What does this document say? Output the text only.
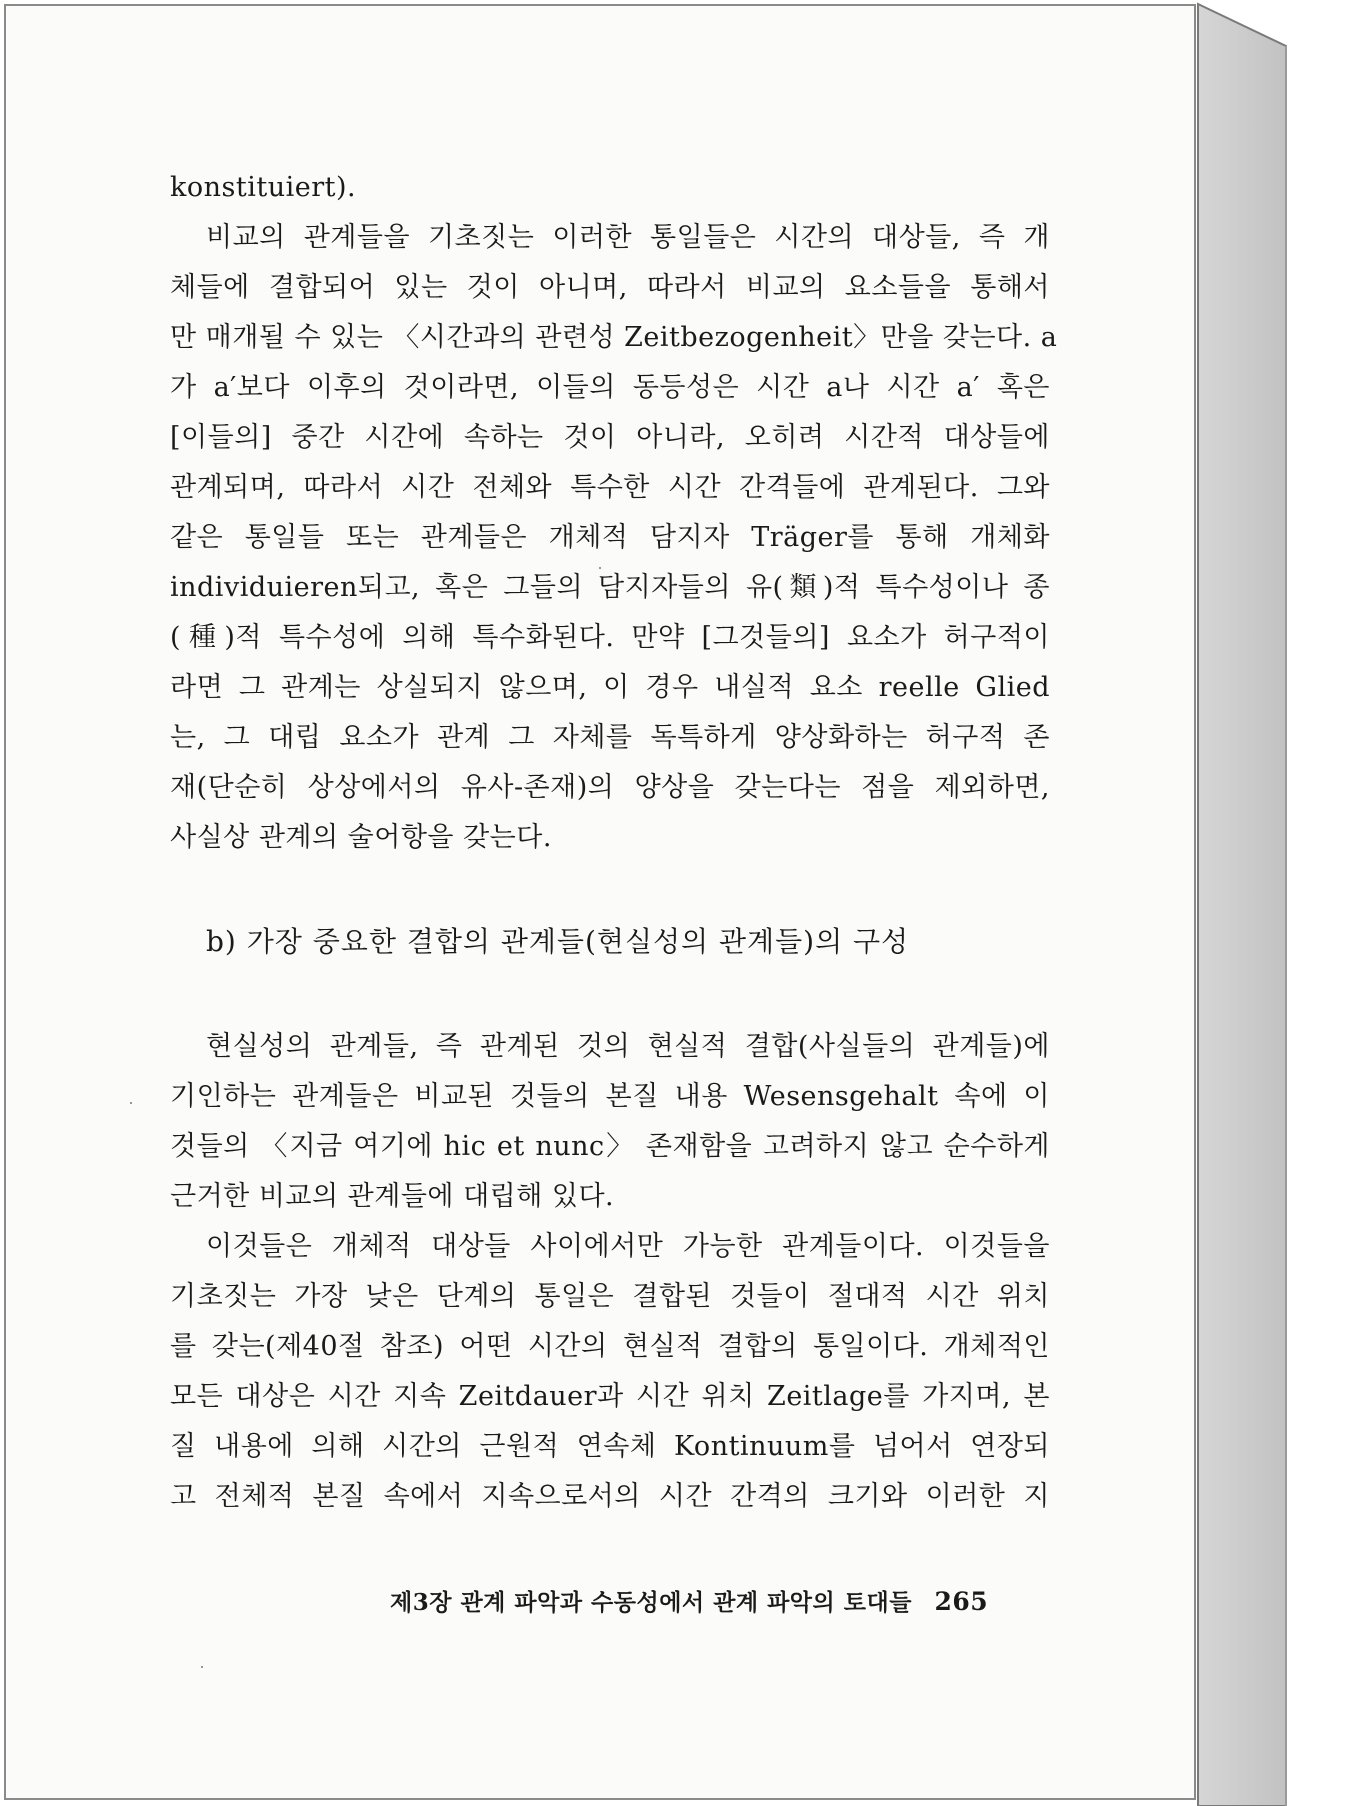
konstituiert).
비교의 관계들을 기초짓는 이러한 통일들은 시간의 대상들, 즉 개
체들에 결합되어 있는 것이 아니며, 따라서 비교의 요소들을 통해서
만 매개될 수 있는 〈시간과의 관련성 Zeitbezogenheit〉만을 갖는다. a
가 a′보다 이후의 것이라면, 이들의 동등성은 시간 a나 시간 a′ 혹은
[이들의] 중간 시간에 속하는 것이 아니라, 오히려 시간적 대상들에
관계되며, 따라서 시간 전체와 특수한 시간 간격들에 관계된다. 그와
같은 통일들 또는 관계들은 개체적 담지자 Träger를 통해 개체화
individuieren되고, 혹은 그들의 담지자들의 유(類)적 특수성이나 종
(種)적 특수성에 의해 특수화된다. 만약 [그것들의] 요소가 허구적이
라면 그 관계는 상실되지 않으며, 이 경우 내실적 요소 reelle Glied
는, 그 대립 요소가 관계 그 자체를 독특하게 양상화하는 허구적 존
재(단순히 상상에서의 유사-존재)의 양상을 갖는다는 점을 제외하면,
사실상 관계의 술어항을 갖는다.
b) 가장 중요한 결합의 관계들(현실성의 관계들)의 구성
현실성의 관계들, 즉 관계된 것의 현실적 결합(사실들의 관계들)에
기인하는 관계들은 비교된 것들의 본질 내용 Wesensgehalt 속에 이
것들의 〈지금 여기에 hic et nunc〉 존재함을 고려하지 않고 순수하게
근거한 비교의 관계들에 대립해 있다.
이것들은 개체적 대상들 사이에서만 가능한 관계들이다. 이것들을
기초짓는 가장 낮은 단계의 통일은 결합된 것들이 절대적 시간 위치
를 갖는(제40절 참조) 어떤 시간의 현실적 결합의 통일이다. 개체적인
모든 대상은 시간 지속 Zeitdauer과 시간 위치 Zeitlage를 가지며, 본
질 내용에 의해 시간의 근원적 연속체 Kontinuum를 넘어서 연장되
고 전체적 본질 속에서 지속으로서의 시간 간격의 크기와 이러한 지
제3장 관계 파악과 수동성에서 관계 파악의 토대들 265
